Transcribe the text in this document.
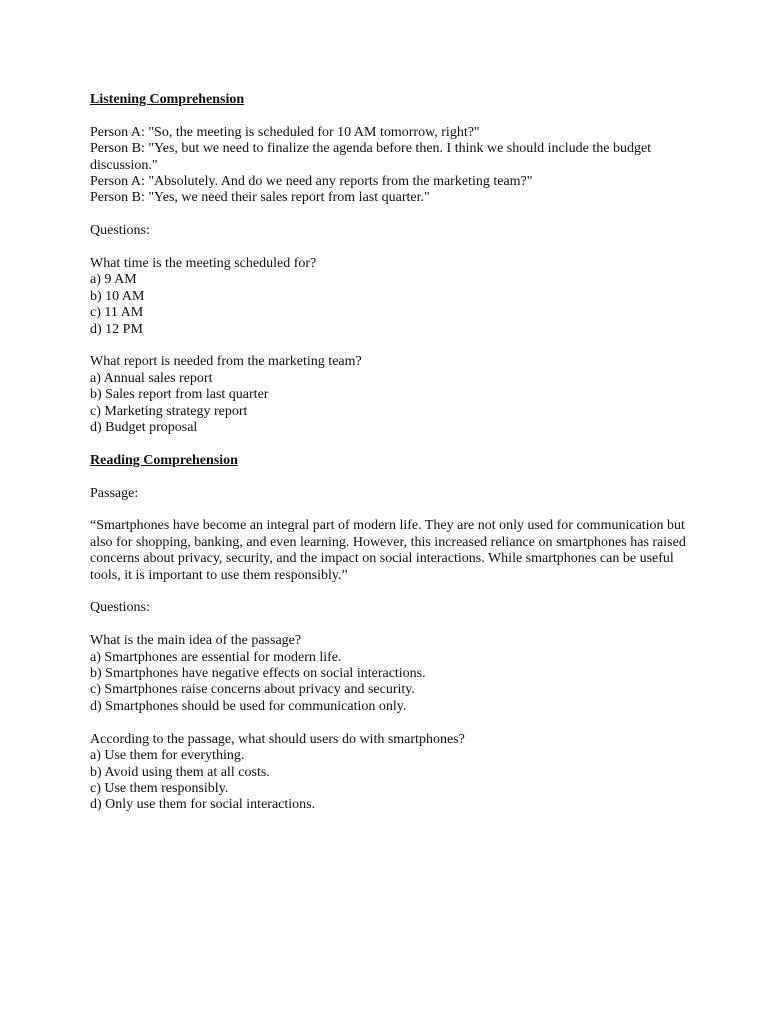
Listening Comprehension

Person A: "So, the meeting is scheduled for 10 AM tomorrow, right?"

Person B: "Yes, but we need to finalize the agenda before then. I think we should include the budget discussion."

Person A: "Absolutely. And do we need any reports from the marketing team?"

Person B: "Yes, we need their sales report from last quarter."

Questions:

What time is the meeting scheduled for?

a) 9 AM

b) 10 AM

c) 11 AM

d) 12 PM

What report is needed from the marketing team?

a) Annual sales report

b) Sales report from last quarter

c) Marketing strategy report

d) Budget proposal

Reading Comprehension

Passage:

“Smartphones have become an integral part of modern life. They are not only used for communication but also for shopping, banking, and even learning. However, this increased reliance on smartphones has raised concerns about privacy, security, and the impact on social interactions. While smartphones can be useful tools, it is important to use them responsibly.”

Questions:

What is the main idea of the passage?

a) Smartphones are essential for modern life.

b) Smartphones have negative effects on social interactions.

c) Smartphones raise concerns about privacy and security.

d) Smartphones should be used for communication only.

According to the passage, what should users do with smartphones?

a) Use them for everything.

b) Avoid using them at all costs.

c) Use them responsibly.

d) Only use them for social interactions.
